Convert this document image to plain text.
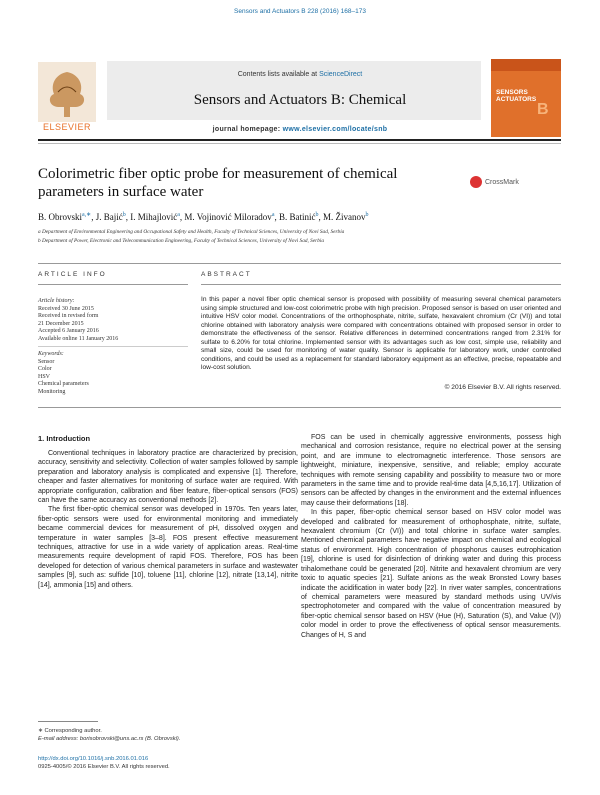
Sensors and Actuators B 228 (2016) 168–173
ELSEVIER
Contents lists available at ScienceDirect
Sensors and Actuators B: Chemical
journal homepage: www.elsevier.com/locate/snb
SENSORS
ACTUATORS
B
Colorimetric fiber optic probe for measurement of chemical parameters in surface water
CrossMark
B. Obrovski$^{a,∗}$, J. Bajić$^b$, I. Mihajlović$^a$, M. Vojinović Miloradov$^a$, B. Batinić$^b$, M. Živanov$^b$
a Department of Environmental Engineering and Occupational Safety and Health, Faculty of Technical Sciences, University of Novi Sad, Serbia
b Department of Power, Electronic and Telecommunication Engineering, Faculty of Technical Sciences, University of Novi Sad, Serbia
ARTICLE INFO
Article history:
Received 30 June 2015
Received in revised form
21 December 2015
Accepted 6 January 2016
Available online 11 January 2016
Keywords:
Sensor
Color
HSV
Chemical parameters
Monitoring
ABSTRACT
In this paper a novel fiber optic chemical sensor is proposed with possibility of measuring several chemical parameters using simple structured and low-cost colorimetric probe with high precision. Proposed sensor is based on user oriented and intuitive HSV color model. Concentrations of the orthophosphate, nitrite, sulfate, hexavalent chromium (Cr (VI)) and total chlorine obtained with laboratory analysis were compared with concentrations obtained with proposed sensor in order to demonstrate the effectiveness of the sensor. Relative differences in determined concentrations ranged from 2.31% for sulfate to 6.20% for total chlorine. Implemented sensor with its advantages such as low cost, simple use, reliability and small size, could be used for monitoring of water quality. Sensor is applicable for laboratory work, under controlled conditions, and could be used as a replacement for standard laboratory equipment as an effective, precise, repeatable and low-cost solution.
© 2016 Elsevier B.V. All rights reserved.
1. Introduction

Conventional techniques in laboratory practice are characterized by precision, accuracy, sensitivity and selectivity. Collection of water samples followed by sample preparation and laboratory analysis is complicated and expensive [1]. Therefore, cheaper and faster alternatives for monitoring of surface water are required. With appropriate configuration, calibration and fiber feature, fiber-optical sensors (FOS) can have the same accuracy as conventional methods [2].

The first fiber-optic chemical sensor was developed in 1970s. Ten years later, fiber-optic sensors were used for environmental monitoring and immediately became commercial devices for measurement of pH, dissolved oxygen and temperature in water samples [3–8]. FOS present effective measurement techniques, attractive for use in a wide variety of application areas. Real-time measurements require development of rapid FOS. Therefore, FOS has been developed for detection of various chemical parameters in surface and wastewater samples [9], such as: sulfide [10], toluene [11], chlorine [12], nitrate [13,14], nitrite [14], ammonia [15] and others.

FOS can be used in chemically aggressive environments, possess high mechanical and corrosion resistance, require no electrical power at the sensing point, and are immune to electromagnetic interference. Those sensors are lightweight, miniature, inexpensive, sensitive, and reliable; employ accurate techniques with remote sensing capability and possibility to measure two or more parameters in the same time and to provide real-time data [4,5,16,17]. Utilization of sensors can be affected by changes in the environment and the external influences may cause their deformations [18].

In this paper, fiber-optic chemical sensor based on HSV color model was developed and calibrated for measurement of orthophosphate, nitrite, sulfate, hexavalent chromium (Cr (VI)) and total chlorine in surface water samples. Mentioned chemical parameters have negative impact on chemical and ecological status of environment. High concentration of phosphorus causes eutrophication [19], chlorine is used for disinfection of drinking water and during this process trihalomethane could be generated [20]. Nitrite and hexavalent chromium are very toxic to aquatic species [21]. Sulfate anions as the weak Bronsted Lowry bases indicate the acidification in water body [22]. In river water samples, concentrations of chemical parameters were measured by standard methods using UV/vis spectrophotometer and compared with the value of concentration measured by fiber-optic chemical sensor based on HSV (Hue (H), Saturation (S), and Value (V)) color model in order to prove the effectiveness of optical sensor measurements. Changes of H, S and

∗ Corresponding author.
E-mail address: borisobrovski@uns.ac.rs (B. Obrovski).
http://dx.doi.org/10.1016/j.snb.2016.01.016
0925-4005/© 2016 Elsevier B.V. All rights reserved.
